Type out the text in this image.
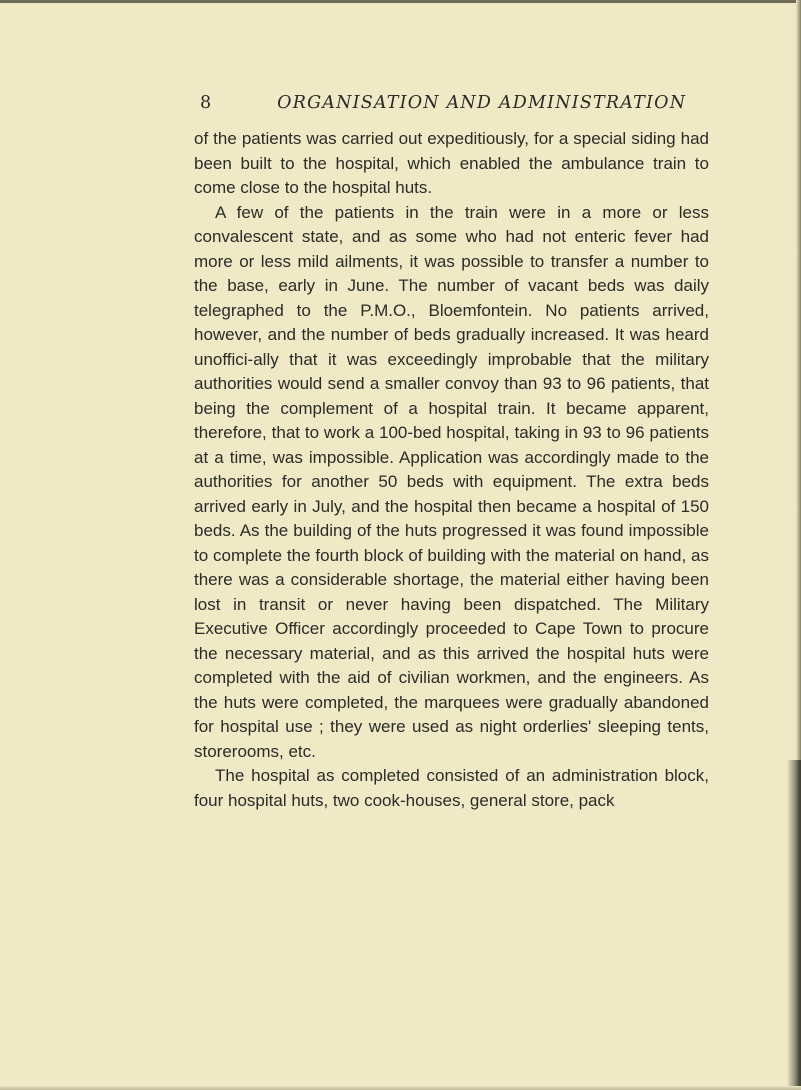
8	ORGANISATION AND ADMINISTRATION

of the patients was carried out expeditiously, for a special siding had been built to the hospital, which enabled the ambulance train to come close to the hospital huts.

A few of the patients in the train were in a more or less convalescent state, and as some who had not enteric fever had more or less mild ailments, it was possible to transfer a number to the base, early in June. The number of vacant beds was daily telegraphed to the P.M.O., Bloemfontein. No patients arrived, however, and the number of beds gradually increased. It was heard unoffici-ally that it was exceedingly improbable that the military authorities would send a smaller convoy than 93 to 96 patients, that being the complement of a hospital train. It became apparent, therefore, that to work a 100-bed hospital, taking in 93 to 96 patients at a time, was impossible. Application was accordingly made to the authorities for another 50 beds with equipment. The extra beds arrived early in July, and the hospital then became a hospital of 150 beds. As the building of the huts progressed it was found impossible to complete the fourth block of building with the material on hand, as there was a considerable shortage, the material either having been lost in transit or never having been dispatched. The Military Executive Officer accordingly proceeded to Cape Town to procure the necessary material, and as this arrived the hospital huts were completed with the aid of civilian workmen, and the engineers. As the huts were completed, the marquees were gradually abandoned for hospital use ; they were used as night orderlies' sleeping tents, storerooms, etc.

The hospital as completed consisted of an administration block, four hospital huts, two cook-houses, general store, pack
